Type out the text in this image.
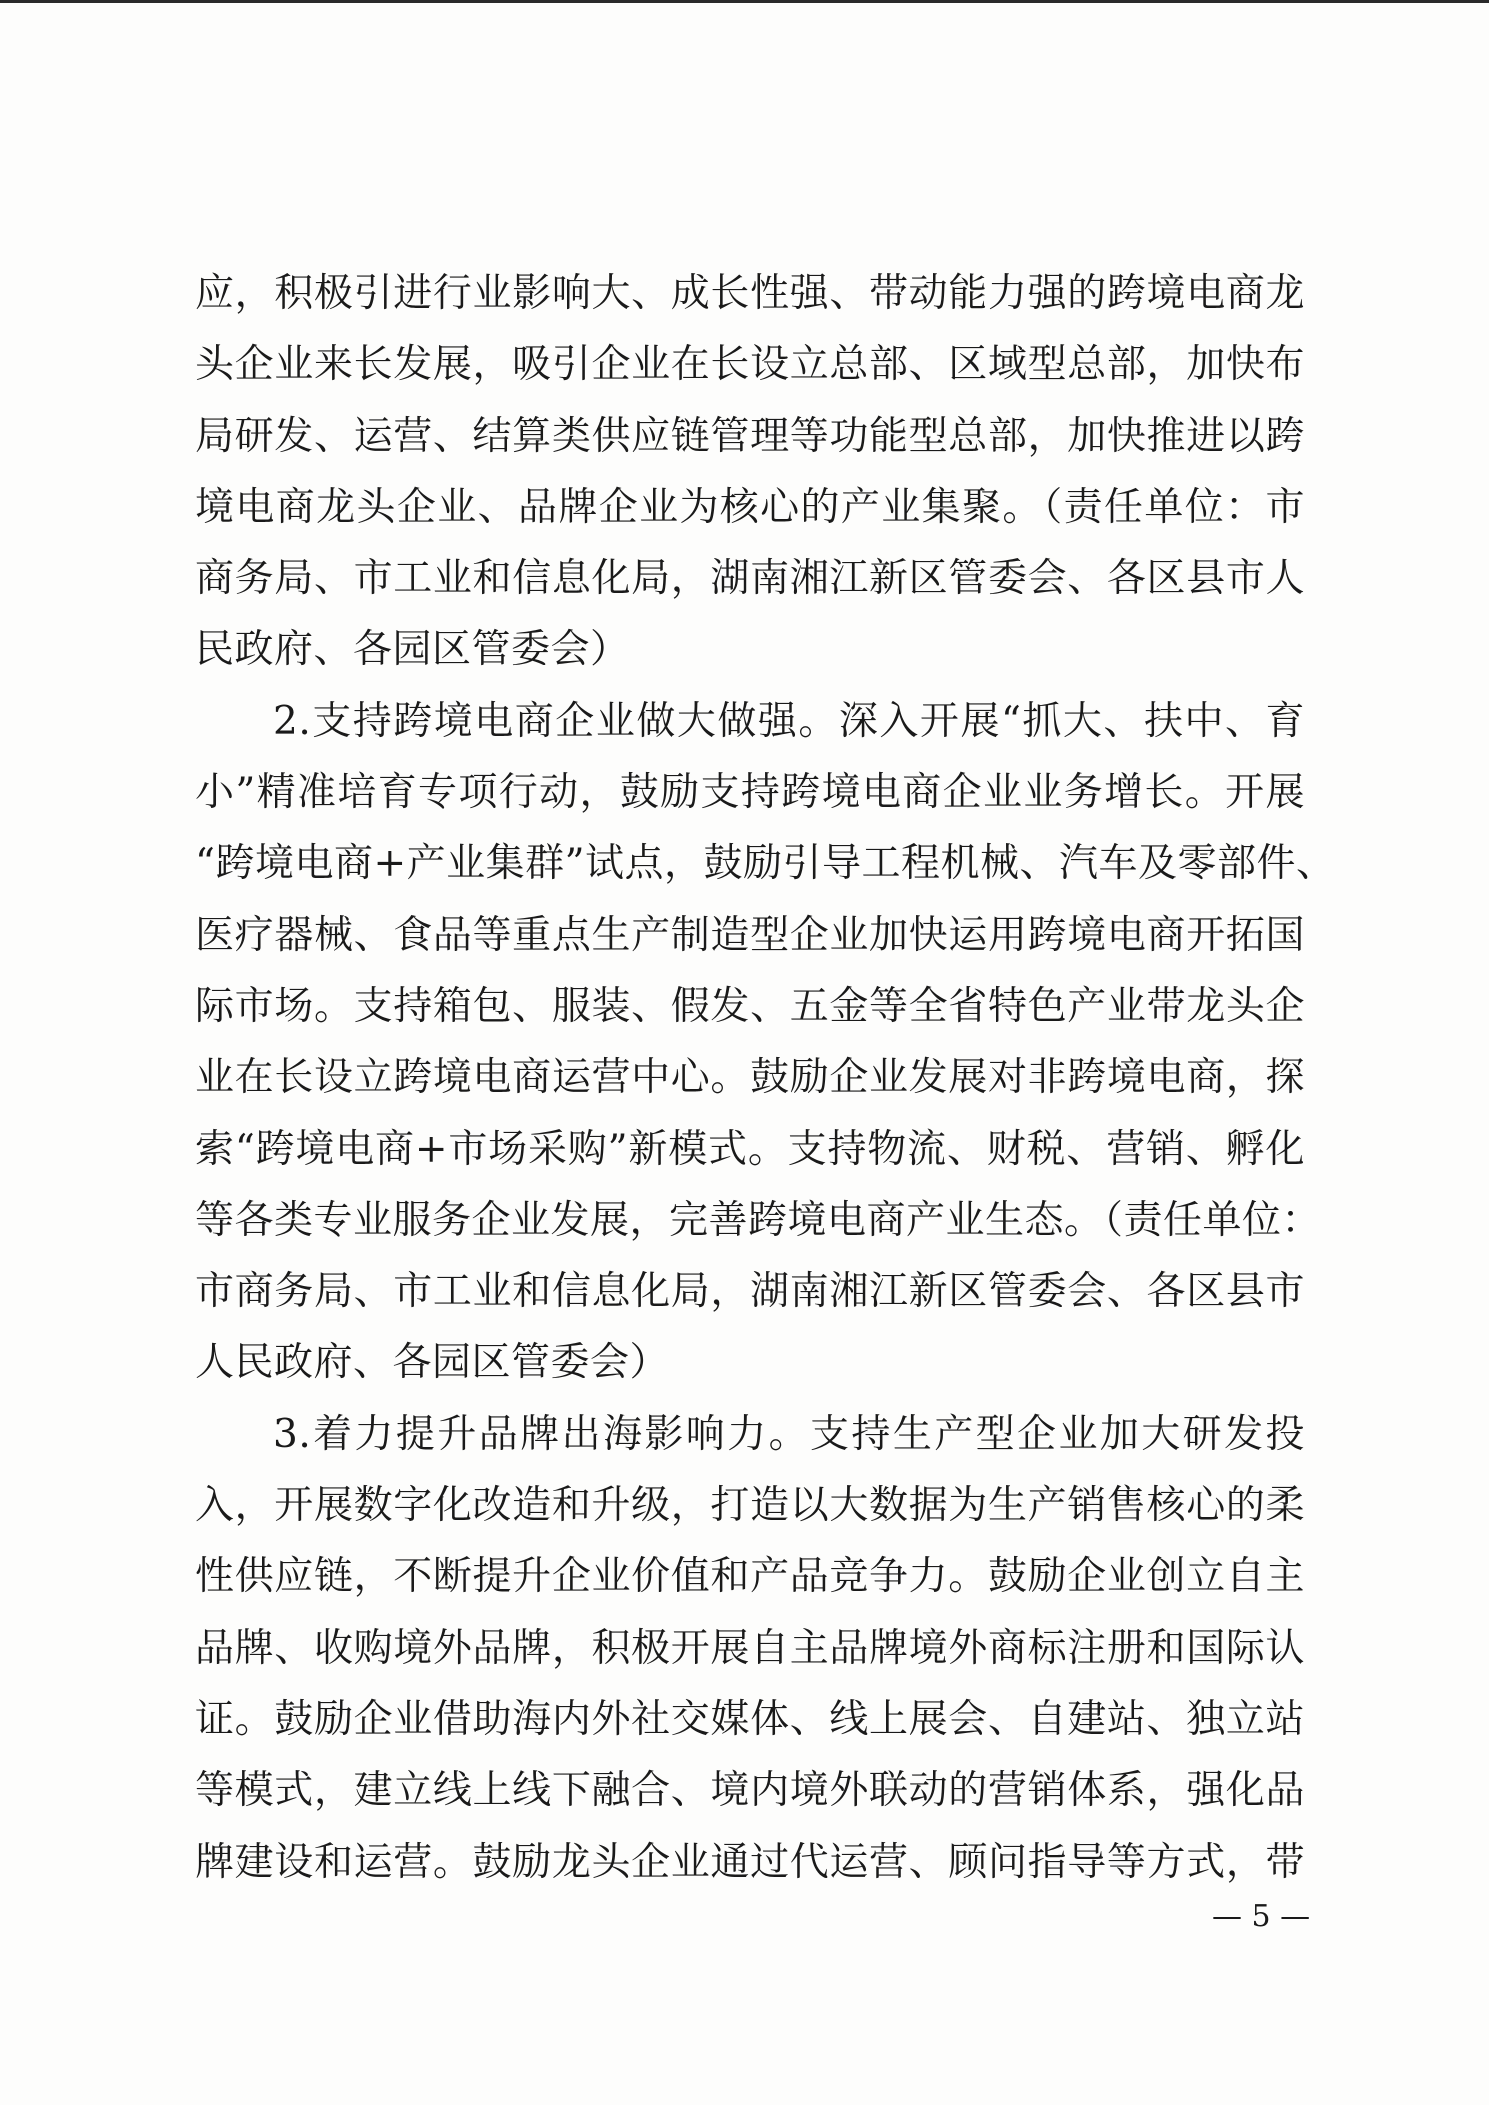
应，积极引进行业影响大、成长性强、带动能力强的跨境电商龙
头企业来长发展，吸引企业在长设立总部、区域型总部，加快布
局研发、运营、结算类供应链管理等功能型总部，加快推进以跨
境电商龙头企业、品牌企业为核心的产业集聚。（责任单位：市
商务局、市工业和信息化局，湖南湘江新区管委会、各区县市人
民政府、各园区管委会）
2.支持跨境电商企业做大做强。深入开展“抓大、扶中、育
小”精准培育专项行动，鼓励支持跨境电商企业业务增长。开展
“跨境电商+产业集群”试点，鼓励引导工程机械、汽车及零部件、
医疗器械、食品等重点生产制造型企业加快运用跨境电商开拓国
际市场。支持箱包、服装、假发、五金等全省特色产业带龙头企
业在长设立跨境电商运营中心。鼓励企业发展对非跨境电商，探
索“跨境电商+市场采购”新模式。支持物流、财税、营销、孵化
等各类专业服务企业发展，完善跨境电商产业生态。（责任单位：
市商务局、市工业和信息化局，湖南湘江新区管委会、各区县市
人民政府、各园区管委会）
3.着力提升品牌出海影响力。支持生产型企业加大研发投
入，开展数字化改造和升级，打造以大数据为生产销售核心的柔
性供应链，不断提升企业价值和产品竞争力。鼓励企业创立自主
品牌、收购境外品牌，积极开展自主品牌境外商标注册和国际认
证。鼓励企业借助海内外社交媒体、线上展会、自建站、独立站
等模式，建立线上线下融合、境内境外联动的营销体系，强化品
牌建设和运营。鼓励龙头企业通过代运营、顾问指导等方式，带
— 5 —
